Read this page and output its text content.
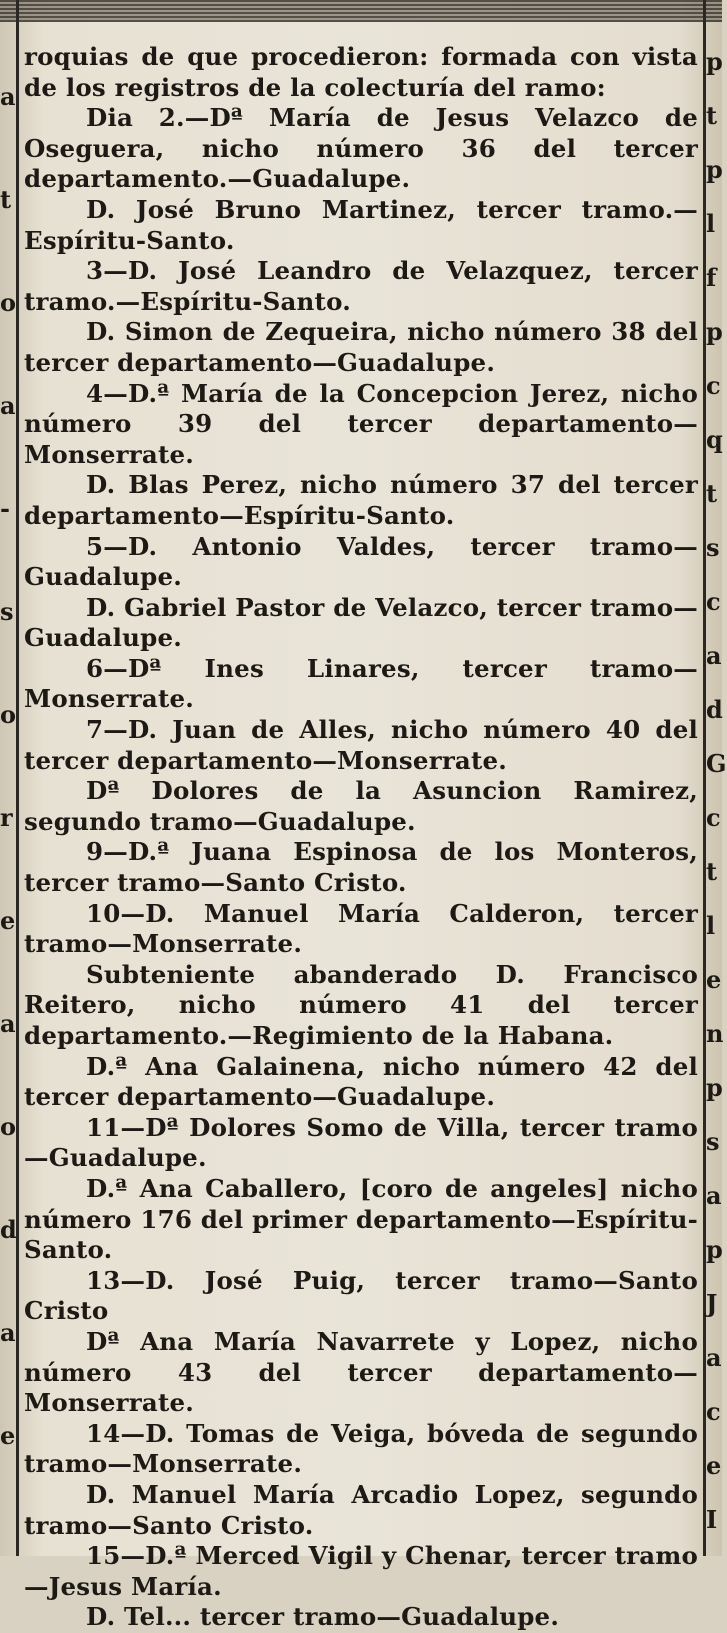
a
t
o
a
-
s
o
r
e
a
o
d
a
e
p
t
p
l
f
p
c
q
t
s
c
a
d
G
c
t
l
e
n
p
s
a
p
J
a
c
e
I

roquias de que procedieron: formada con vista de los registros de la colecturía del ramo:

Dia 2.—Dª María de Jesus Velazco de Oseguera, nicho número 36 del tercer departamento.—Guadalupe.

D. José Bruno Martinez, tercer tramo.—Espíritu-Santo.

3—D. José Leandro de Velazquez, tercer tramo.—Espíritu-Santo.

D. Simon de Zequeira, nicho número 38 del tercer departamento—Guadalupe.

4—D.ª María de la Concepcion Jerez, nicho número 39 del tercer departamento—Monserrate.

D. Blas Perez, nicho número 37 del tercer departamento—Espíritu-Santo.

5—D. Antonio Valdes, tercer tramo—Guadalupe.

D. Gabriel Pastor de Velazco, tercer tramo—Guadalupe.

6—Dª Ines Linares, tercer tramo—Monserrate.

7—D. Juan de Alles, nicho número 40 del tercer departamento—Monserrate.

Dª Dolores de la Asuncion Ramirez, segundo tramo—Guadalupe.

9—D.ª Juana Espinosa de los Monteros, tercer tramo—Santo Cristo.

10—D. Manuel María Calderon, tercer tramo—Monserrate.

Subteniente abanderado D. Francisco Reitero, nicho número 41 del tercer departamento.—Regimiento de la Habana.

D.ª Ana Galainena, nicho número 42 del tercer departamento—Guadalupe.

11—Dª Dolores Somo de Villa, tercer tramo—Guadalupe.

D.ª Ana Caballero, [coro de angeles] nicho número 176 del primer departamento—Espíritu-Santo.

13—D. José Puig, tercer tramo—Santo Cristo

Dª Ana María Navarrete y Lopez, nicho número 43 del tercer departamento—Monserrate.

14—D. Tomas de Veiga, bóveda de segundo tramo—Monserrate.

D. Manuel María Arcadio Lopez, segundo tramo—Santo Cristo.

15—D.ª Merced Vigil y Chenar, tercer tramo—Jesus María.

D. Tel... tercer tramo—Guadalupe.
